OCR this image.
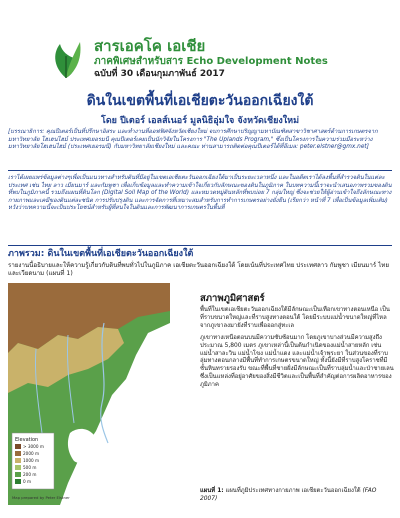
สารเอคโค เอเชีย
ภาคพิเศษสำหรับสาร Echo Development Notes
ฉบับที่ 30 เดือนกุมภาพันธ์ 2017
ดินในเขตพื้นที่เอเชียตะวันออกเฉียงใต้
โดย ปีเตอร์ เอลส์เนอร์ มูลนิธิอุ่มใจ จังหวัดเชียงใหม่
[บรรณาธิการ: คุณปีเตอร์เป็นที่ปรึกษาอิสระ และทำงานที่ออฟฟิศจังหวัดเชียงใหม่ จบการศึกษาปริญญามหาบัณฑิตสาขาวิชาศาสตร์ด้านการเกษตรจากมหาวิทยาลัย โฮเฮนไฮม์ ประเทศเยอรมนี คุณปีเตอร์เคยเป็นนักวิจัยในโครงการ "The Uplands Program," ซึ่งเป็นโครงการในความร่วมมือระหว่างมหาวิทยาลัยโฮเฮนไฮม์ (ประเทศเยอรมนี) กับมหาวิทยาลัยเชียงใหม่ และคณะ ท่านสามารถติดต่อคุณปีเตอร์ได้ที่อีเมล: peter.elstner@gmx.net]
เราได้เผยแพร่ข้อมูลต่างๆเพื่อเป็นแนวทางสำหรับดินที่มีอยู่ในเขตเอเชียตะวันออกเฉียงใต้มาเป็นระยะเวลาหนึ่ง และในอดีตเราได้ลงพื้นที่สำรวจดินในแต่ละประเทศ เช่น ไทย ลาว เมียนมาร์ และกัมพูชา เพื่อเก็บข้อมูลและทำความเข้าใจเกี่ยวกับลักษณะของดินในภูมิภาค ในบทความนี้เราจะนำเสนอภาพรวมของดินที่พบในภูมิภาคนี้ รวมถึงแผนที่ดินโลก (Digital Soil Map of the World) และหมวดหมู่ดินหลักที่พบบ่อย 7 กลุ่มใหญ่ ซึ่งจะช่วยให้ผู้อ่านเข้าใจถึงลักษณะทางกายภาพและเคมีของดินแต่ละชนิด การปรับปรุงดิน และการจัดการที่เหมาะสมสำหรับการทำการเกษตรอย่างยั่งยืน (เรียกว่า หน้าที่ 7 เพื่อเป็นข้อมูลเพิ่มเติม) หวังว่าบทความนี้จะเป็นประโยชน์สำหรับผู้ที่สนใจในดินและการพัฒนาการเกษตรในพื้นที่
ภาพรวม: ดินในเขตพื้นที่เอเชียตะวันออกเฉียงใต้
รายงานนี้อธิบายและให้ความรู้เกี่ยวกับดินที่พบทั่วไปในภูมิภาค เอเชียตะวันออกเฉียงใต้ โดยเน้นที่ประเทศไทย ประเทศลาว กัมพูชา เมียนมาร์ ไทย และเวียดนาม (แผนที่ 1)
Elevation
> 3000 m
2000 m
1000 m
500 m
200 m
0 m
Map prepared by Peter Elstner
สภาพภูมิศาสตร์

พื้นที่ในเขตเอเชียตะวันออกเฉียงใต้มีลักษณะเป็นเทือกเขาทางตอนเหนือ เป็นที่ราบขนาดใหญ่และที่ราบสูงทางตอนใต้ โดยมีระบบแม่น้ำขนาดใหญ่ที่ไหลจากภูเขาลงมายังที่ราบเพื่อออกสู่ทะเล

ภูเขาทางเหนือตอนบนมีความซับซ้อนมาก โดยภูเขาบางส่วนมีความสูงถึงประมาณ 5,800 เมตร ภูเขาเหล่านี้เป็นต้นกำเนิดของแม่น้ำสายหลัก เช่น แม่น้ำสาละวิน แม่น้ำโขง แม่น้ำแดง และแม่น้ำเจ้าพระยา ในส่วนของที่ราบลุ่มทางตอนกลางมีพื้นที่ทำการเกษตรขนาดใหญ่ ทั้งนี้ยังมีที่ราบสูงโคราชที่มีชั้นหินทรายรองรับ ขณะที่พื้นที่ชายฝั่งมีลักษณะเป็นที่ราบลุ่มน้ำและป่าชายเลน ซึ่งเป็นแหล่งที่อยู่อาศัยของสิ่งมีชีวิตและเป็นพื้นที่สำคัญต่อการผลิตอาหารของภูมิภาค

แผนที่ 1: แผนที่ภูมิประเทศทางกายภาพ เอเชียตะวันออกเฉียงใต้ (FAO 2007)
